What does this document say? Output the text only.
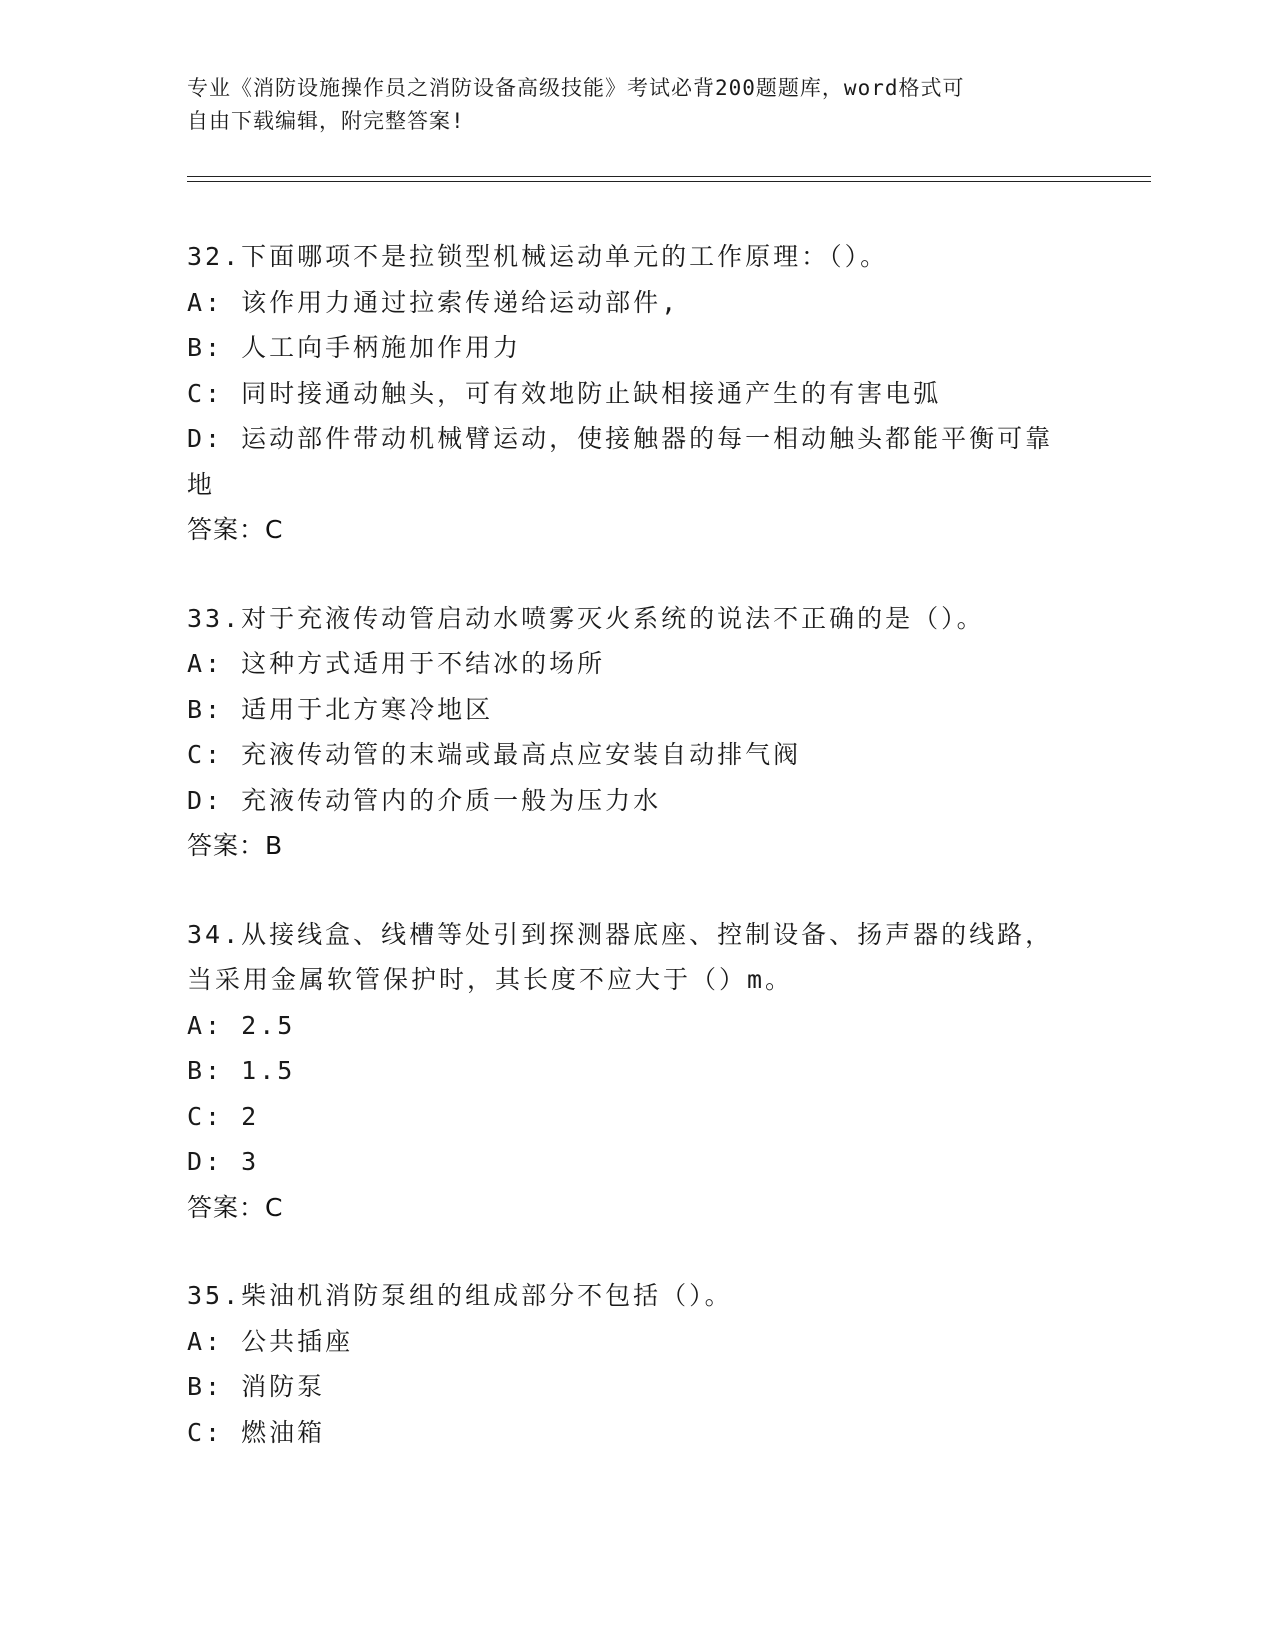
专业《消防设施操作员之消防设备高级技能》考试必背200题题库，word格式可
自由下载编辑，附完整答案!
32.下面哪项不是拉锁型机械运动单元的工作原理：（）。
A: 该作用力通过拉索传递给运动部件,
B: 人工向手柄施加作用力
C: 同时接通动触头，可有效地防止缺相接通产生的有害电弧
D: 运动部件带动机械臂运动，使接触器的每一相动触头都能平衡可靠
地
答案：C
33.对于充液传动管启动水喷雾灭火系统的说法不正确的是（）。
A: 这种方式适用于不结冰的场所
B: 适用于北方寒冷地区
C: 充液传动管的末端或最高点应安装自动排气阀
D: 充液传动管内的介质一般为压力水
答案：B
34.从接线盒、线槽等处引到探测器底座、控制设备、扬声器的线路，
当采用金属软管保护时，其长度不应大于（）m。
A: 2.5
B: 1.5
C: 2
D: 3
答案：C
35.柴油机消防泵组的组成部分不包括（）。
A: 公共插座
B: 消防泵
C: 燃油箱
